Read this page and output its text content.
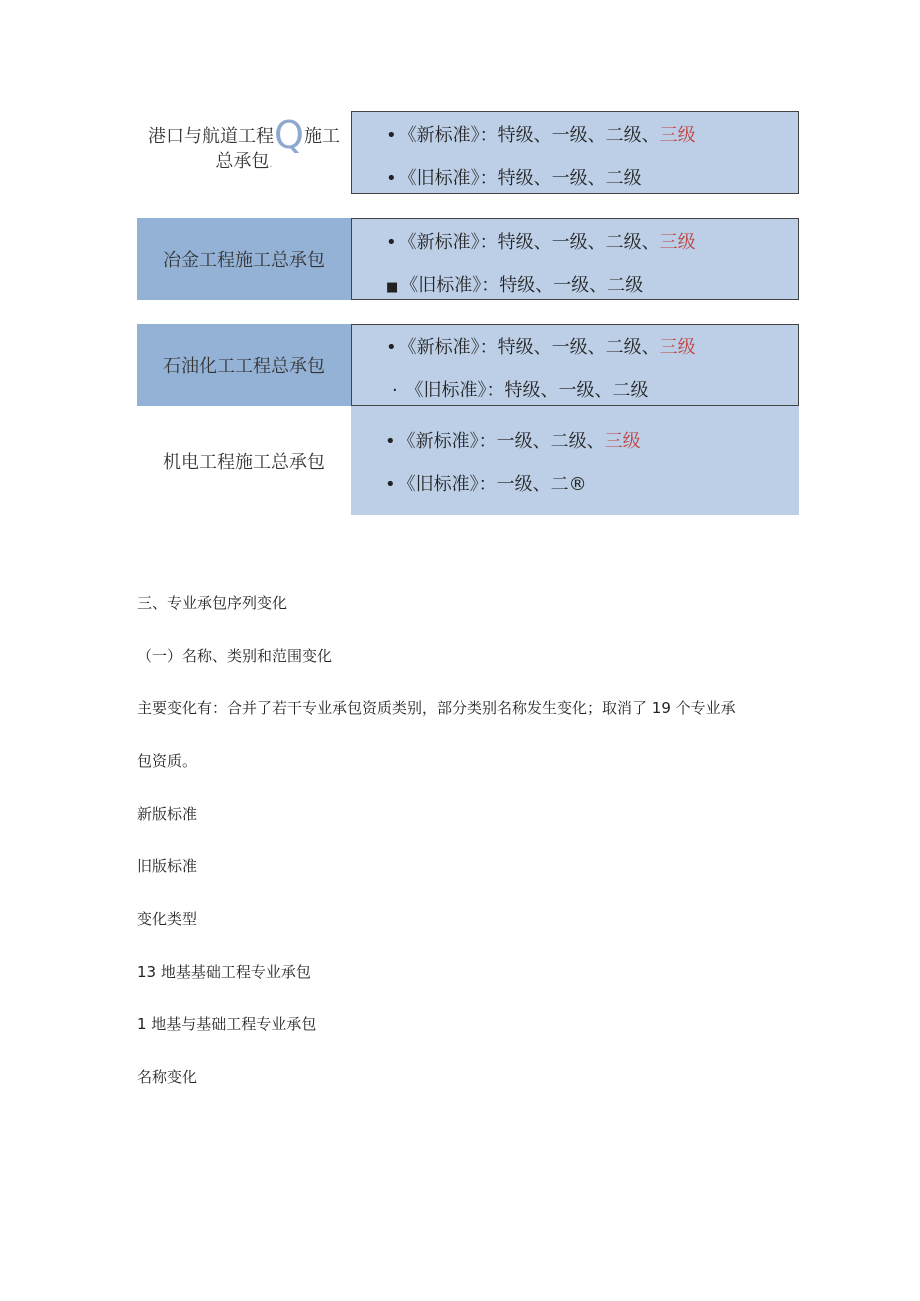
港口与航道工程Q施工
总承包.
• 《新标准》：特级、一级、二级、三级
• 《旧标准》：特级、一级、二级
冶金工程施工总承包
• 《新标准》：特级、一级、二级、三级
■ 《旧标准》：特级、一级、二级
石油化工工程总承包
• 《新标准》：特级、一级、二级、三级
· 《旧标准》：特级、一级、二级
机电工程施工总承包
• 《新标准》：一级、二级、三级
• 《旧标准》：一级、二®
三、专业承包序列变化
（一）名称、类别和范围变化
主要变化有：合并了若干专业承包资质类别，部分类别名称发生变化；取消了 19 个专业承
包资质。
新版标准
旧版标准
变化类型
13 地基基础工程专业承包
1 地基与基础工程专业承包
名称变化
